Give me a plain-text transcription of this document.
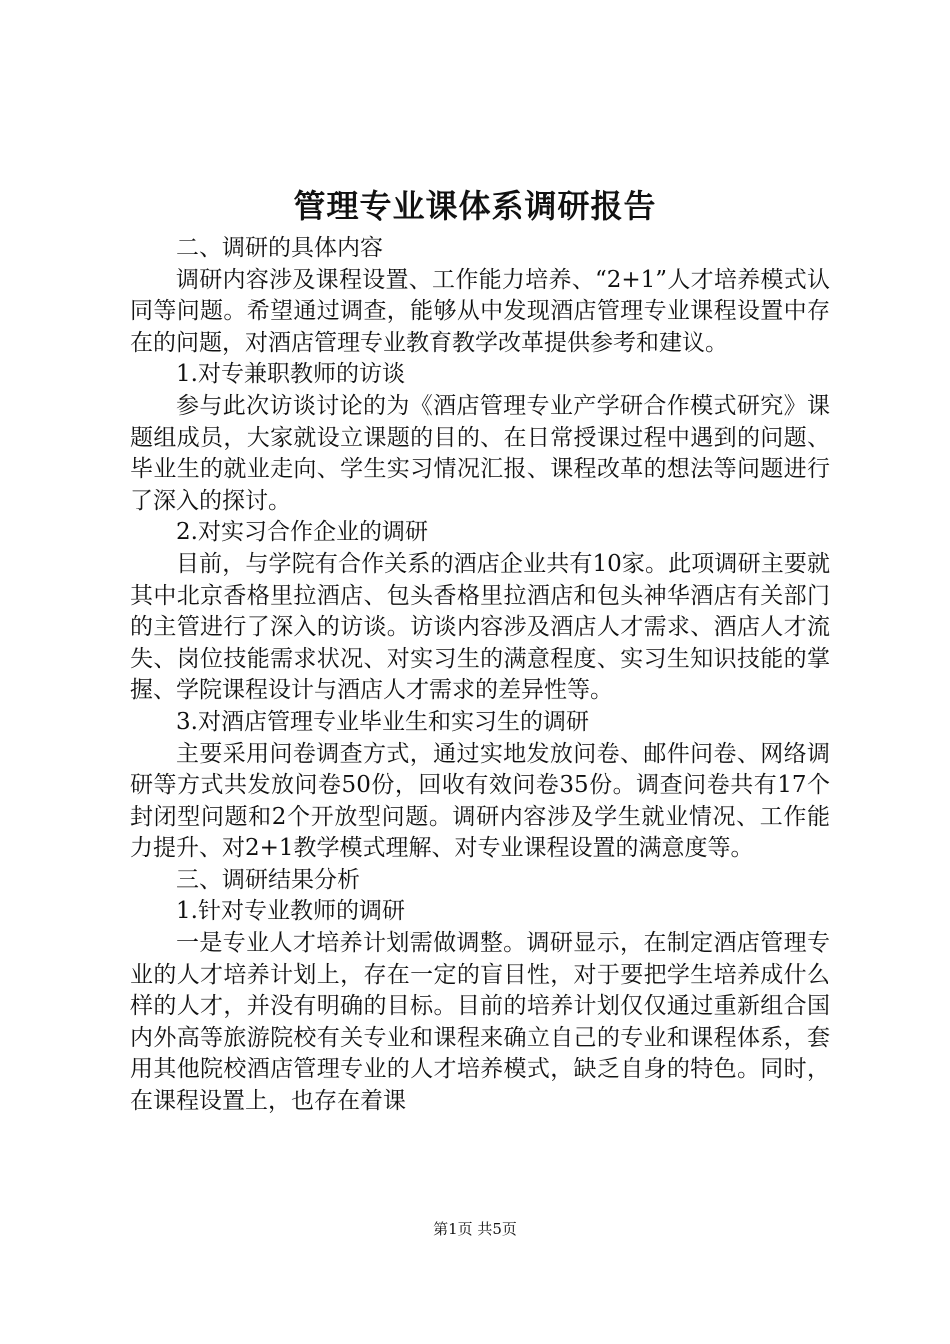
管理专业课体系调研报告

二、调研的具体内容

调研内容涉及课程设置、工作能力培养、“2+1”人才培养模式认同等问题。希望通过调查，能够从中发现酒店管理专业课程设置中存在的问题，对酒店管理专业教育教学改革提供参考和建议。

1.对专兼职教师的访谈

参与此次访谈讨论的为《酒店管理专业产学研合作模式研究》课题组成员，大家就设立课题的目的、在日常授课过程中遇到的问题、毕业生的就业走向、学生实习情况汇报、课程改革的想法等问题进行了深入的探讨。

2.对实习合作企业的调研

目前，与学院有合作关系的酒店企业共有10家。此项调研主要就其中北京香格里拉酒店、包头香格里拉酒店和包头神华酒店有关部门的主管进行了深入的访谈。访谈内容涉及酒店人才需求、酒店人才流失、岗位技能需求状况、对实习生的满意程度、实习生知识技能的掌握、学院课程设计与酒店人才需求的差异性等。

3.对酒店管理专业毕业生和实习生的调研

主要采用问卷调查方式，通过实地发放问卷、邮件问卷、网络调研等方式共发放问卷50份，回收有效问卷35份。调查问卷共有17个封闭型问题和2个开放型问题。调研内容涉及学生就业情况、工作能力提升、对2+1教学模式理解、对专业课程设置的满意度等。

三、调研结果分析

1.针对专业教师的调研

一是专业人才培养计划需做调整。调研显示，在制定酒店管理专业的人才培养计划上，存在一定的盲目性，对于要把学生培养成什么样的人才，并没有明确的目标。目前的培养计划仅仅通过重新组合国内外高等旅游院校有关专业和课程来确立自己的专业和课程体系，套用其他院校酒店管理专业的人才培养模式，缺乏自身的特色。同时，在课程设置上，也存在着课

第1页 共5页
